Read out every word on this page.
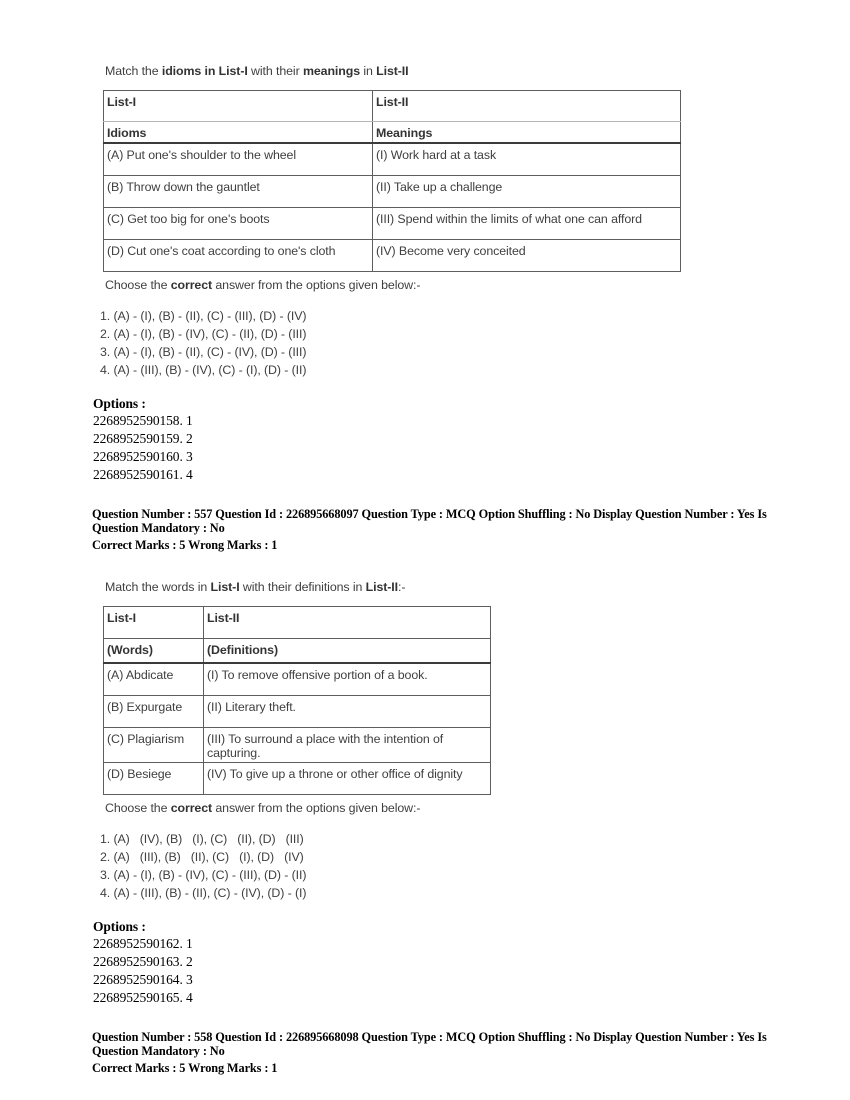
Match the idioms in List-I with their meanings in List-II

List-I	List-II
Idioms	Meanings
(A) Put one's shoulder to the wheel	(I) Work hard at a task
(B) Throw down the gauntlet	(II) Take up a challenge
(C) Get too big for one's boots	(III) Spend within the limits of what one can afford
(D) Cut one's coat according to one's cloth	(IV) Become very conceited

Choose the correct answer from the options given below:-

1. (A) - (I), (B) - (II), (C) - (III), (D) - (IV)
2. (A) - (I), (B) - (IV), (C) - (II), (D) - (III)
3. (A) - (I), (B) - (II), (C) - (IV), (D) - (III)
4. (A) - (III), (B) - (IV), (C) - (I), (D) - (II)
Options :
2268952590158. 1
2268952590159. 2
2268952590160. 3
2268952590161. 4
Question Number : 557 Question Id : 226895668097 Question Type : MCQ Option Shuffling : No Display Question Number : Yes Is
Question Mandatory : No
Correct Marks : 5 Wrong Marks : 1

Match the words in List-I with their definitions in List-II:-

List-I	List-II
(Words)	(Definitions)
(A) Abdicate	(I) To remove offensive portion of a book.
(B) Expurgate	(II) Literary theft.
(C) Plagiarism	(III) To surround a place with the intention of capturing.
(D) Besiege	(IV) To give up a throne or other office of dignity

Choose the correct answer from the options given below:-

1. (A)   (IV), (B)   (I), (C)   (II), (D)   (III)
2. (A)   (III), (B)   (II), (C)   (I), (D)   (IV)
3. (A) - (I), (B) - (IV), (C) - (III), (D) - (II)
4. (A) - (III), (B) - (II), (C) - (IV), (D) - (I)
Options :
2268952590162. 1
2268952590163. 2
2268952590164. 3
2268952590165. 4
Question Number : 558 Question Id : 226895668098 Question Type : MCQ Option Shuffling : No Display Question Number : Yes Is
Question Mandatory : No
Correct Marks : 5 Wrong Marks : 1
